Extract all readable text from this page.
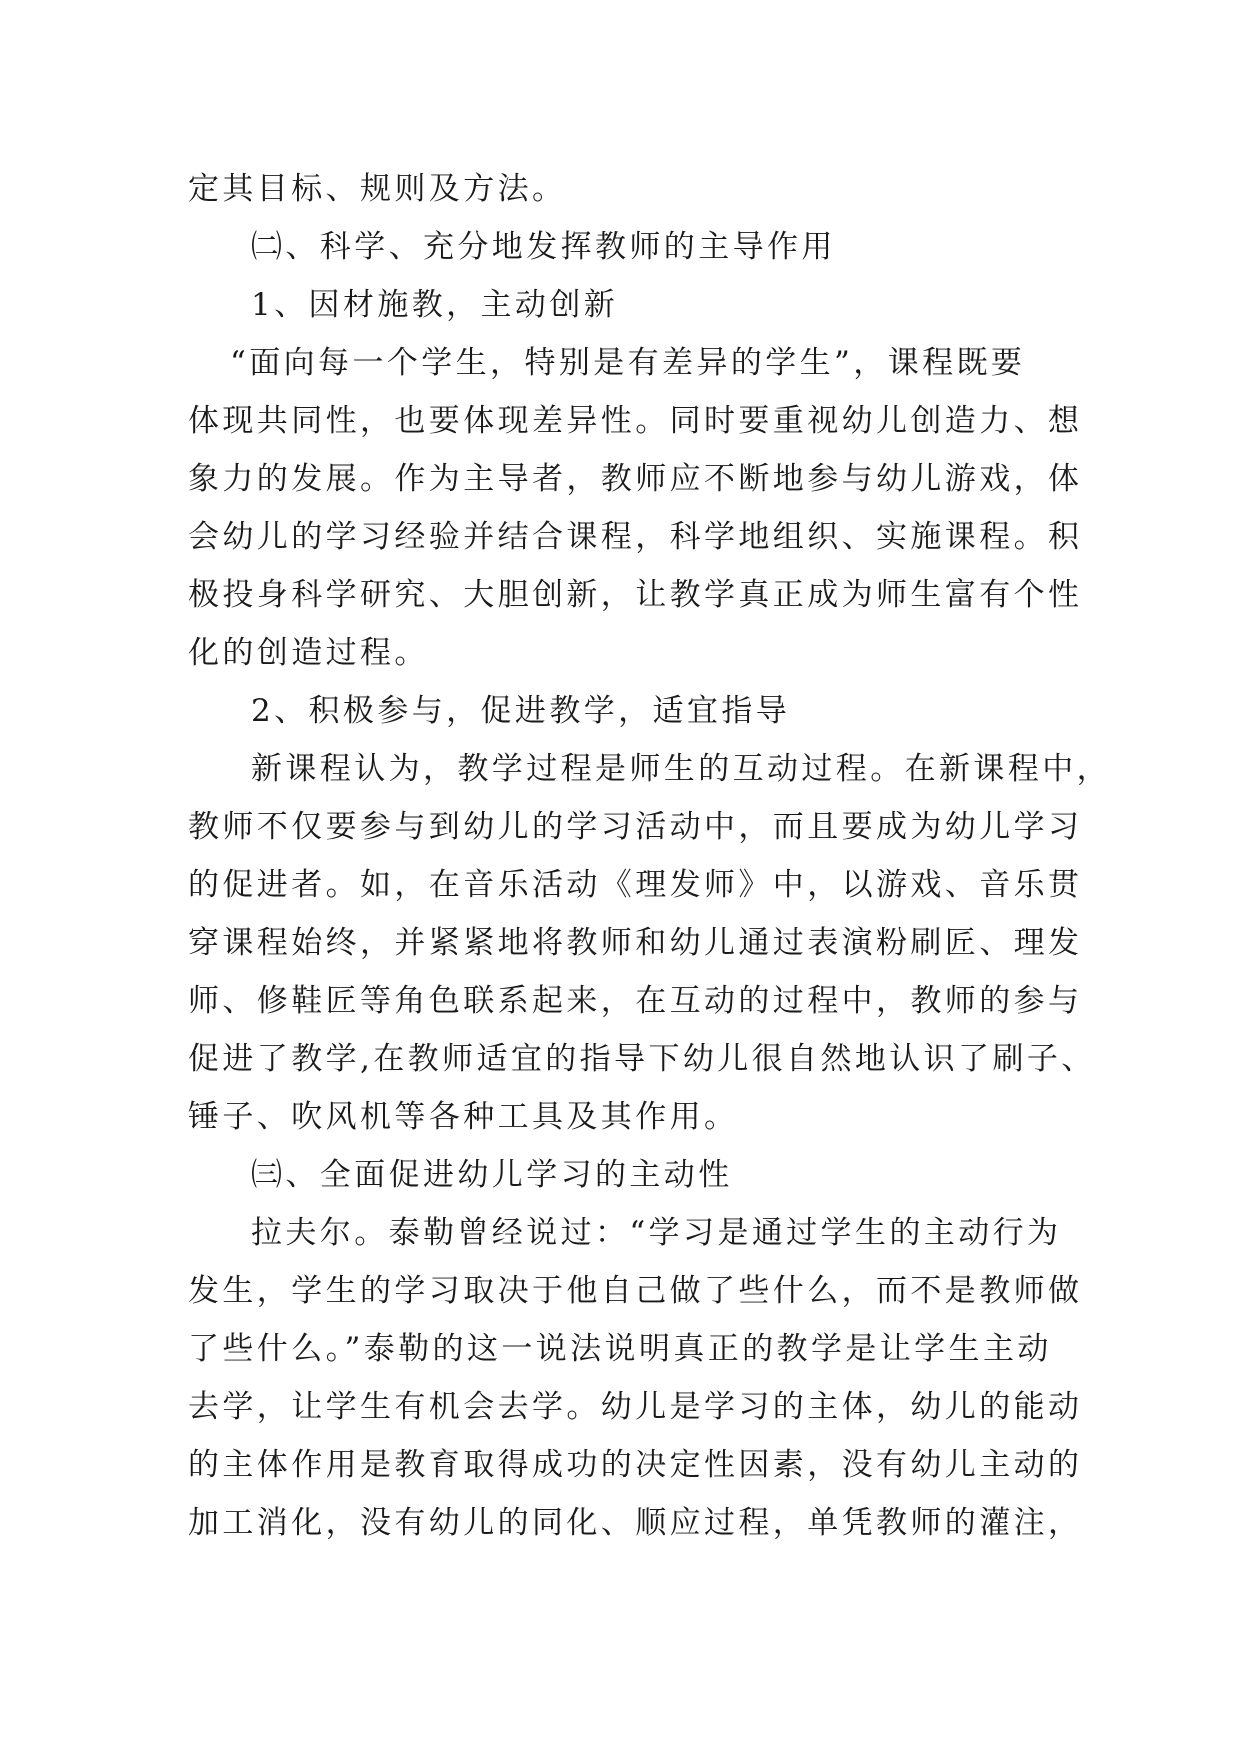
定其目标、规则及方法。
㈡、科学、充分地发挥教师的主导作用
1、因材施教，主动创新
“面向每一个学生，特别是有差异的学生”，课程既要
体现共同性，也要体现差异性。同时要重视幼儿创造力、想
象力的发展。作为主导者，教师应不断地参与幼儿游戏，体
会幼儿的学习经验并结合课程，科学地组织、实施课程。积
极投身科学研究、大胆创新，让教学真正成为师生富有个性
化的创造过程。
2、积极参与，促进教学，适宜指导
新课程认为，教学过程是师生的互动过程。在新课程中，
教师不仅要参与到幼儿的学习活动中，而且要成为幼儿学习
的促进者。如，在音乐活动《理发师》中，以游戏、音乐贯
穿课程始终，并紧紧地将教师和幼儿通过表演粉刷匠、理发
师、修鞋匠等角色联系起来，在互动的过程中，教师的参与
促进了教学,在教师适宜的指导下幼儿很自然地认识了刷子、
锤子、吹风机等各种工具及其作用。
㈢、全面促进幼儿学习的主动性
拉夫尔。泰勒曾经说过：“学习是通过学生的主动行为
发生，学生的学习取决于他自己做了些什么，而不是教师做
了些什么。”泰勒的这一说法说明真正的教学是让学生主动
去学，让学生有机会去学。幼儿是学习的主体，幼儿的能动
的主体作用是教育取得成功的决定性因素，没有幼儿主动的
加工消化，没有幼儿的同化、顺应过程，单凭教师的灌注，
